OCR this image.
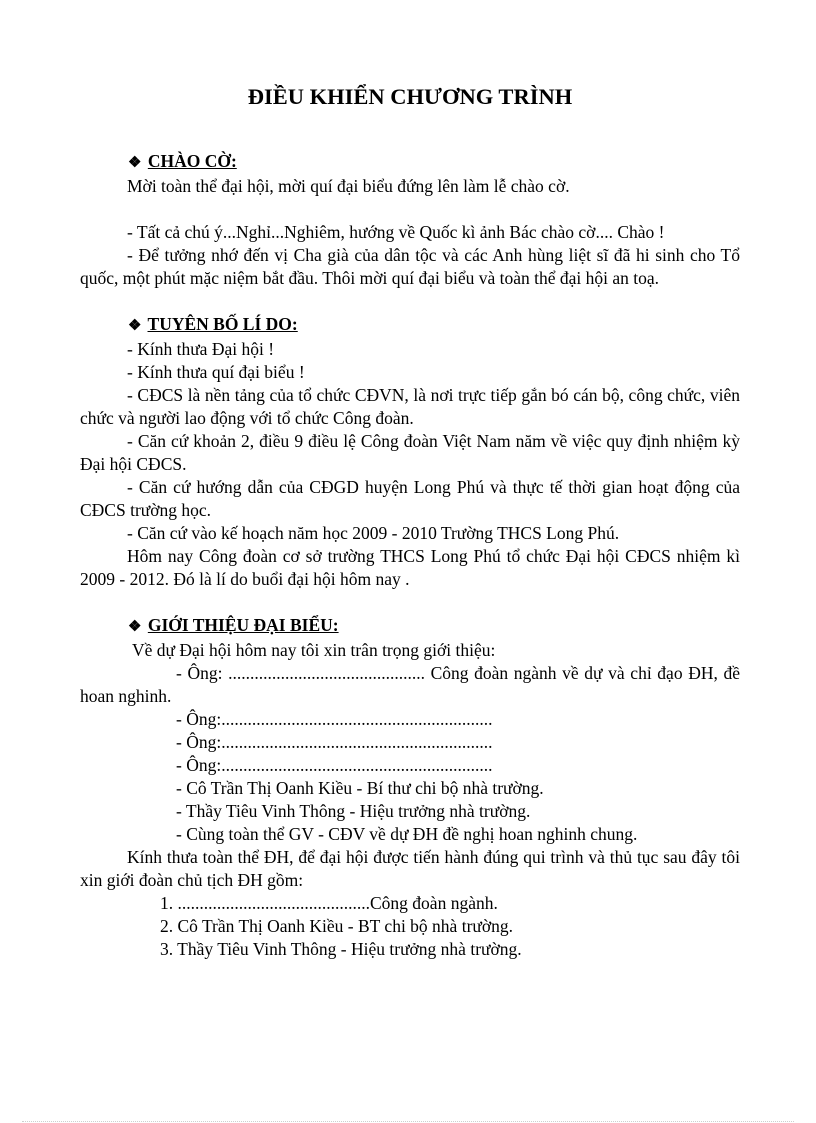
ĐIỀU KHIỂN CHƯƠNG TRÌNH
❖ CHÀO CỜ:

Mời toàn thể đại hội, mời quí đại biểu đứng lên làm lễ chào cờ.

- Tất cả chú ý...Nghỉ...Nghiêm, hướng về Quốc kì ảnh Bác chào cờ.... Chào !

- Để tưởng nhớ đến vị Cha già của dân tộc và các Anh hùng liệt sĩ đã hi sinh cho Tổ quốc, một phút mặc niệm bắt đầu. Thôi mời quí đại biểu và toàn thể đại hội an toạ.

❖ TUYÊN BỐ LÍ DO:

- Kính thưa Đại hội !

- Kính thưa quí đại biểu !

- CĐCS là nền tảng của tổ chức CĐVN, là nơi trực tiếp gắn bó cán bộ, công chức, viên chức và người lao động với tổ chức Công đoàn.

- Căn cứ khoản 2, điều 9 điều lệ Công đoàn Việt Nam năm về việc quy định nhiệm kỳ Đại hội CĐCS.

- Căn cứ hướng dẫn của CĐGD huyện Long Phú và thực tế thời gian hoạt động của CĐCS trường học.

- Căn cứ vào kế hoạch năm học 2009 - 2010 Trường THCS Long Phú.

Hôm nay Công đoàn cơ sở trường THCS Long Phú tổ chức Đại hội CĐCS nhiệm kì 2009 - 2012. Đó là lí do buổi đại hội hôm nay .

❖ GIỚI THIỆU ĐẠI BIỂU:

Về dự Đại hội hôm nay tôi xin trân trọng giới thiệu:

- Ông: ............................................. Công đoàn ngành về dự và chỉ đạo ĐH, đề hoan nghinh.

- Ông:..............................................................

- Ông:..............................................................

- Ông:..............................................................

- Cô Trần Thị Oanh Kiều - Bí thư chi bộ nhà trường.

- Thầy Tiêu Vinh Thông - Hiệu trưởng nhà trường.

- Cùng toàn thể GV - CĐV về dự ĐH đề nghị hoan nghinh chung.

Kính thưa toàn thể ĐH, để đại hội được tiến hành đúng qui trình và thủ tục sau đây tôi xin giới đoàn chủ tịch ĐH gồm:

1. ............................................Công đoàn ngành.
2. Cô Trần Thị Oanh Kiều - BT chi bộ nhà trường.
3. Thầy Tiêu Vinh Thông - Hiệu trưởng nhà trường.
